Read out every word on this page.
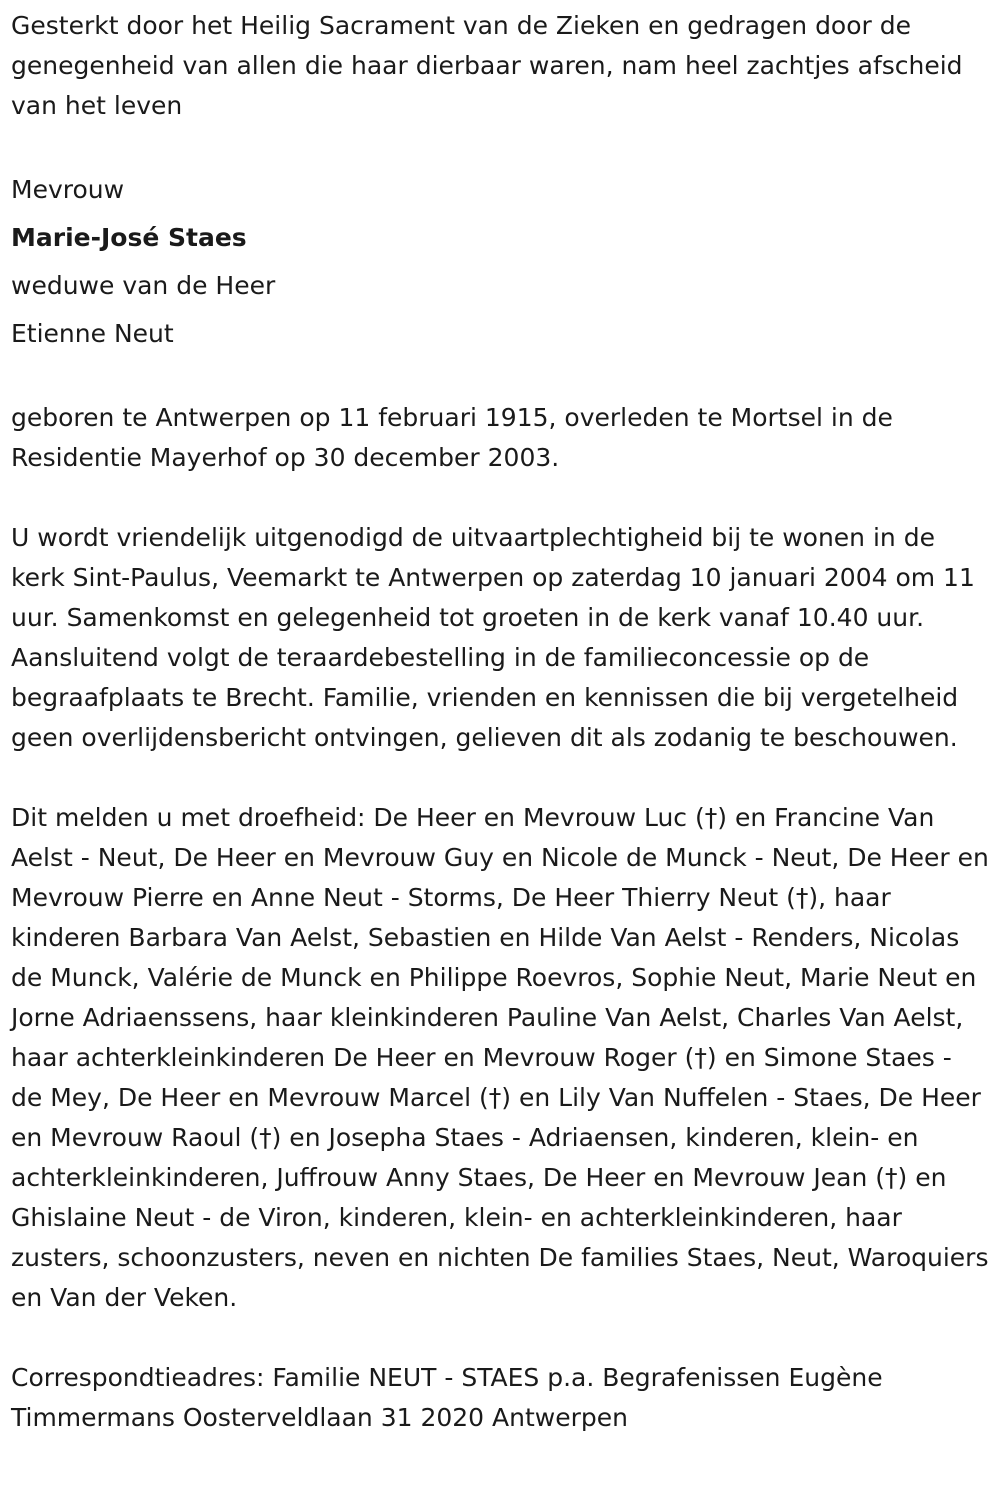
Gesterkt door het Heilig Sacrament van de Zieken en gedragen door de genegenheid van allen die haar dierbaar waren, nam heel zachtjes afscheid van het leven

Mevrouw

Marie-José Staes

weduwe van de Heer

Etienne Neut

geboren te Antwerpen op 11 februari 1915, overleden te Mortsel in de Residentie Mayerhof op 30 december 2003.

U wordt vriendelijk uitgenodigd de uitvaartplechtigheid bij te wonen in de kerk Sint-Paulus, Veemarkt te Antwerpen op zaterdag 10 januari 2004 om 11 uur. Samenkomst en gelegenheid tot groeten in de kerk vanaf 10.40 uur. Aansluitend volgt de teraardebestelling in de familieconcessie op de begraafplaats te Brecht. Familie, vrienden en kennissen die bij vergetelheid geen overlijdensbericht ontvingen, gelieven dit als zodanig te beschouwen.

Dit melden u met droefheid: De Heer en Mevrouw Luc (†) en Francine Van Aelst - Neut, De Heer en Mevrouw Guy en Nicole de Munck - Neut, De Heer en Mevrouw Pierre en Anne Neut - Storms, De Heer Thierry Neut (†), haar kinderen Barbara Van Aelst, Sebastien en Hilde Van Aelst - Renders, Nicolas de Munck, Valérie de Munck en Philippe Roevros, Sophie Neut, Marie Neut en Jorne Adriaenssens, haar kleinkinderen Pauline Van Aelst, Charles Van Aelst, haar achterkleinkinderen De Heer en Mevrouw Roger (†) en Simone Staes - de Mey, De Heer en Mevrouw Marcel (†) en Lily Van Nuffelen - Staes, De Heer en Mevrouw Raoul (†) en Josepha Staes - Adriaensen, kinderen, klein- en achterkleinkinderen, Juffrouw Anny Staes, De Heer en Mevrouw Jean (†) en Ghislaine Neut - de Viron, kinderen, klein- en achterkleinkinderen, haar zusters, schoonzusters, neven en nichten De families Staes, Neut, Waroquiers en Van der Veken.

Correspondtieadres: Familie NEUT - STAES p.a. Begrafenissen Eugène Timmermans Oosterveldlaan 31 2020 Antwerpen
